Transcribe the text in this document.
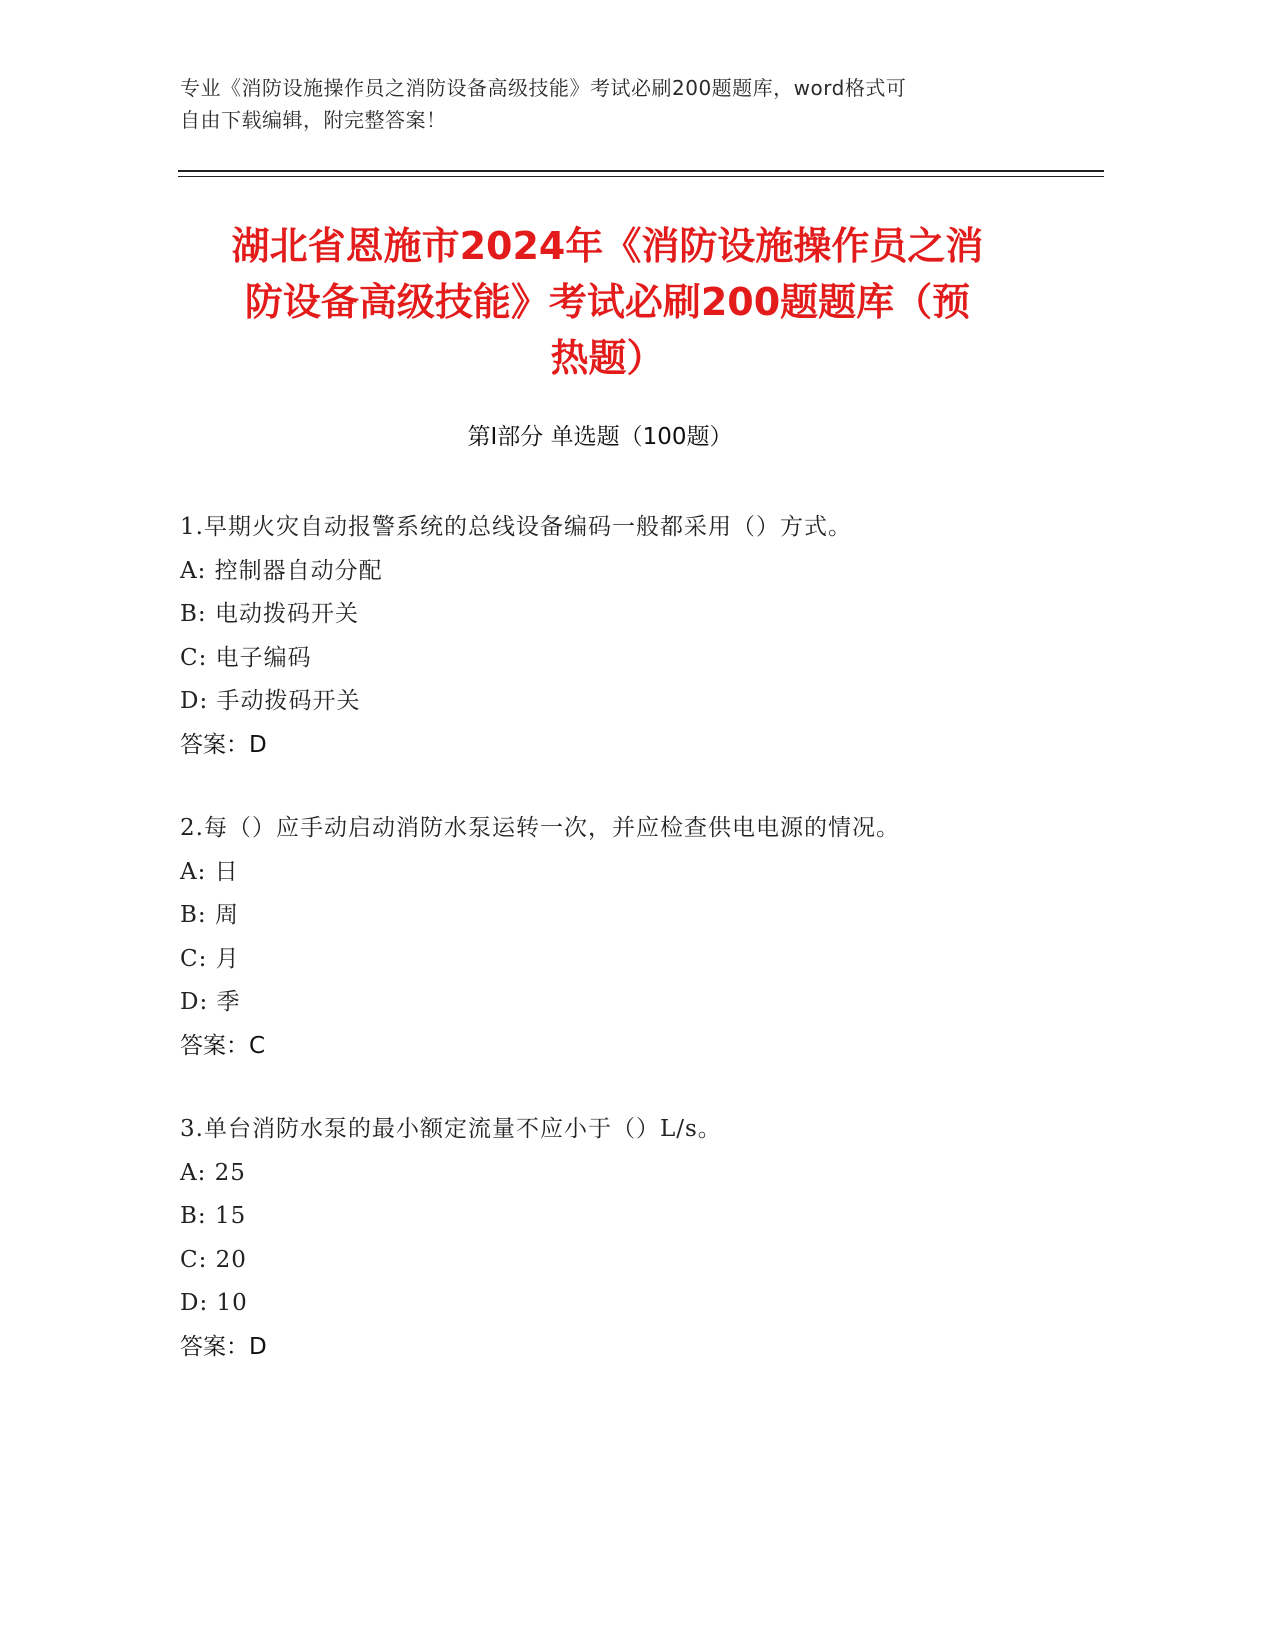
专业《消防设施操作员之消防设备高级技能》考试必刷200题题库，word格式可
自由下载编辑，附完整答案！
湖北省恩施市2024年《消防设施操作员之消
防设备高级技能》考试必刷200题题库（预
热题）
第Ⅰ部分 单选题（100题）
1.早期火灾自动报警系统的总线设备编码一般都采用（）方式。
A: 控制器自动分配
B: 电动拨码开关
C: 电子编码
D: 手动拨码开关
答案：D
2.每（）应手动启动消防水泵运转一次，并应检查供电电源的情况。
A: 日
B: 周
C: 月
D: 季
答案：C
3.单台消防水泵的最小额定流量不应小于（）L/s。
A: 25
B: 15
C: 20
D: 10
答案：D
